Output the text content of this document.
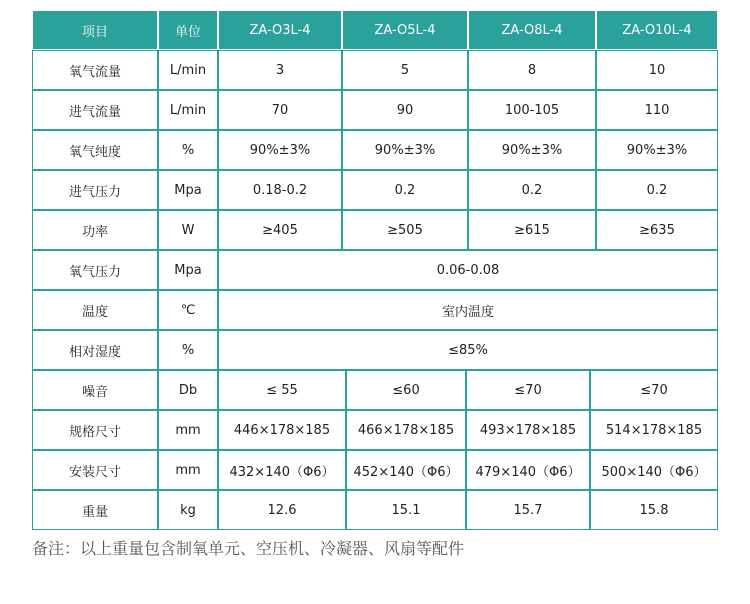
项目	单位	ZA-O3L-4	ZA-O5L-4	ZA-O8L-4	ZA-O10L-4
氧气流量	L/min	3	5	8	10
进气流量	L/min	70	90	100-105	110
氧气纯度	%	90%±3%	90%±3%	90%±3%	90%±3%
进气压力	Mpa	0.18-0.2	0.2	0.2	0.2
功率	W	≥405	≥505	≥615	≥635
氧气压力	Mpa	0.06-0.08
温度	℃	室内温度
相对湿度	%	≤85%
噪音	Db	≤ 55	≤60	≤70	≤70
规格尺寸	mm	446×178×185	466×178×185	493×178×185	514×178×185
安装尺寸	mm	432×140（Φ6）	452×140（Φ6）	479×140（Φ6）	500×140（Φ6）
重量	kg	12.6	15.1	15.7	15.8
备注：以上重量包含制氧单元、空压机、冷凝器、风扇等配件
